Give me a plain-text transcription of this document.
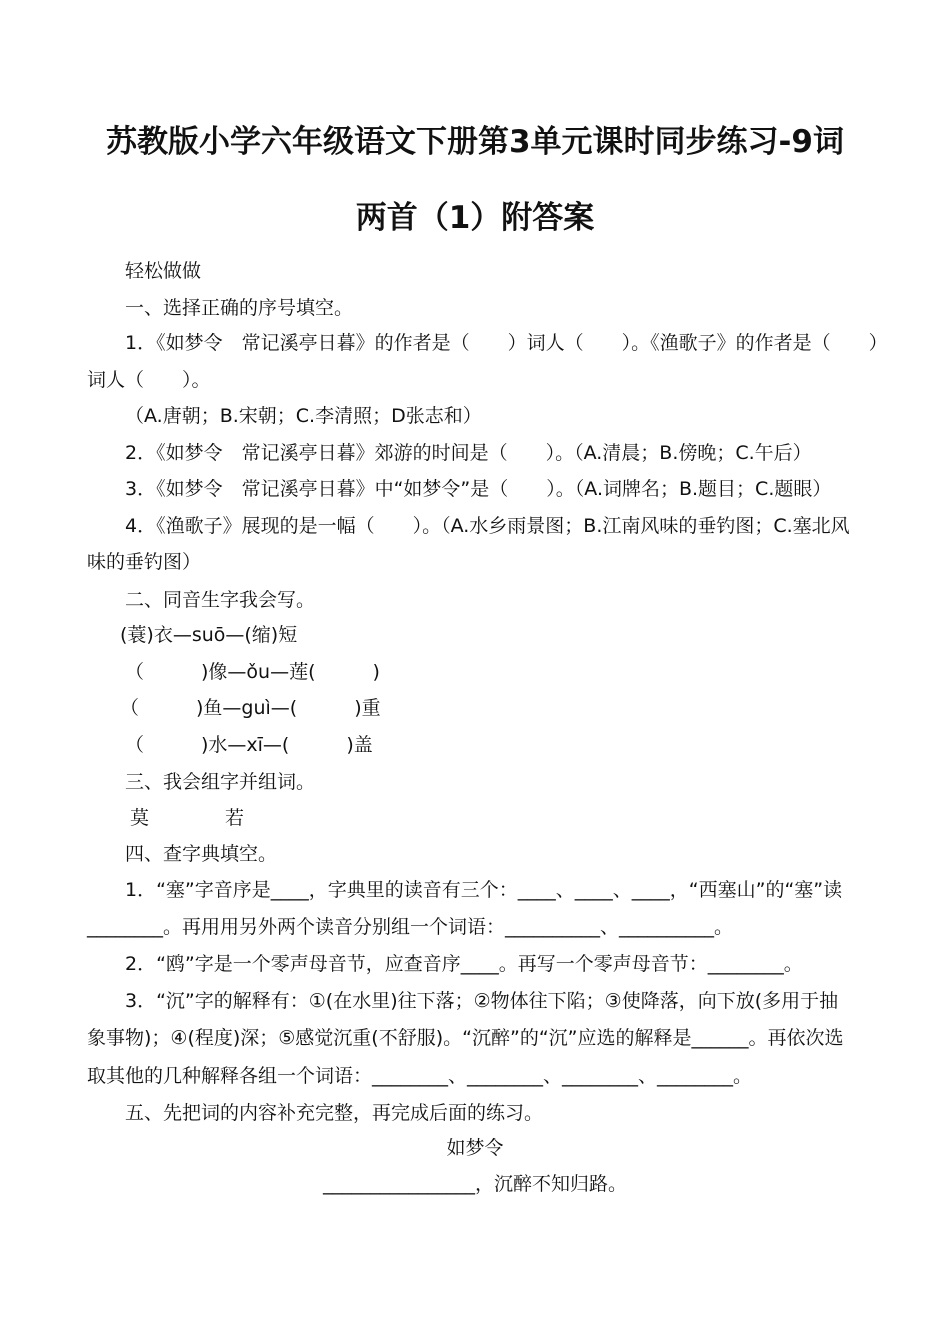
苏教版小学六年级语文下册第3单元课时同步练习-9词
两首（1）附答案
轻松做做
一、选择正确的序号填空。
1．《如梦令　常记溪亭日暮》的作者是（　　）词人（　　）。《渔歌子》的作者是（　　）
词人（　　）。
（A.唐朝；B.宋朝；C.李清照；D张志和）
2．《如梦令　常记溪亭日暮》郊游的时间是（　　）。（A.清晨；B.傍晚；C.午后）
3．《如梦令　常记溪亭日暮》中“如梦令”是（　　）。（A.词牌名；B.题目；C.题眼）
4．《渔歌子》展现的是一幅（　　）。（A.水乡雨景图；B.江南风味的垂钓图；C.塞北风
味的垂钓图）
二、同音生字我会写。
(蓑)衣—suō—(缩)短
（　　　)像—ǒu—莲(　　　)
（　　　)鱼—guì—(　　　)重
（　　　)水—xī—(　　　)盖
三、我会组字并组词。
莫　　　　若
四、查字典填空。
1．“塞”字音序是____，字典里的读音有三个：____、____、____，“西塞山”的“塞”读
________。再用用另外两个读音分别组一个词语：__________、__________。
2．“鸥”字是一个零声母音节，应查音序____。再写一个零声母音节：________。
3．“沉”字的解释有：①(在水里)往下落；②物体往下陷；③使降落，向下放(多用于抽
象事物)；④(程度)深；⑤感觉沉重(不舒服)。“沉醉”的“沉”应选的解释是______。再依次选
取其他的几种解释各组一个词语：________、________、________、________。
五、先把词的内容补充完整，再完成后面的练习。
如梦令
________________，沉醉不知归路。
